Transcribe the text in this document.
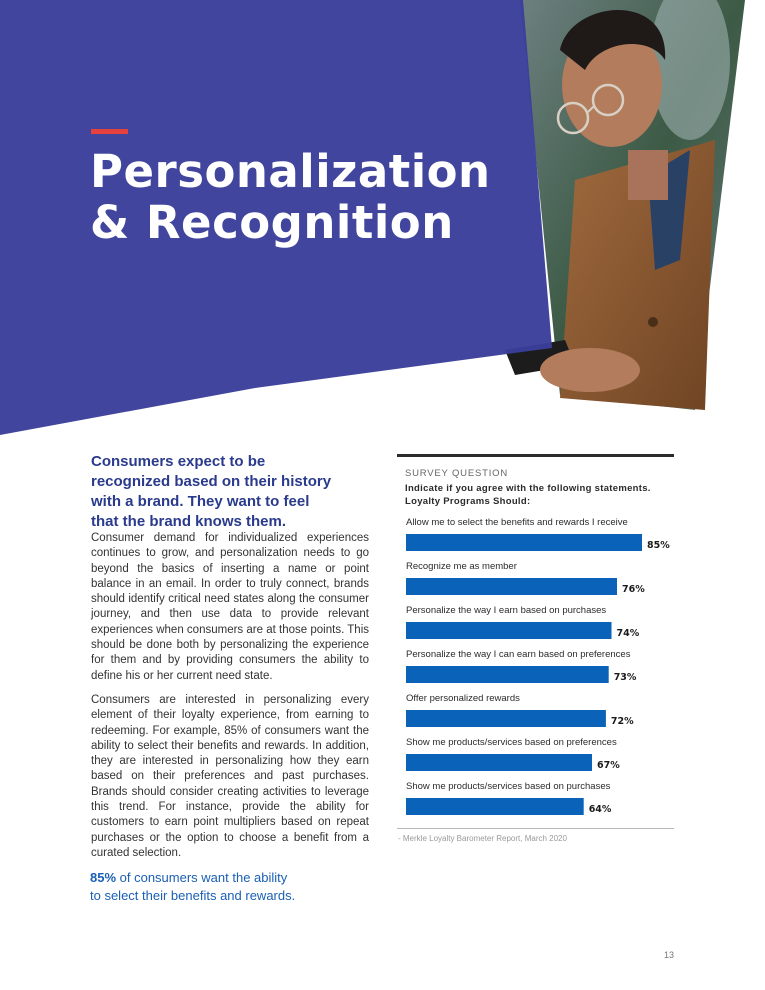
Personalization
& Recognition

Consumers expect to be
recognized based on their history
with a brand. They want to feel
that the brand knows them.

Consumer demand for individualized experiences continues to grow, and personalization needs to go beyond the basics of inserting a name or point balance in an email. In order to truly connect, brands should identify critical need states along the consumer journey, and then use data to provide relevant experiences when consumers are at those points. This should be done both by personalizing the experience for them and by providing consumers the ability to define his or her current need state.

Consumers are interested in personalizing every element of their loyalty experience, from earning to redeeming. For example, 85% of consumers want the ability to select their benefits and rewards. In addition, they are interested in personalizing how they earn based on their preferences and past purchases. Brands should consider creating activities to leverage this trend. For instance, provide the ability for customers to earn point multipliers based on repeat purchases or the option to choose a benefit from a curated selection.

85% of consumers want the ability
to select their benefits and rewards.

SURVEY QUESTION
Indicate if you agree with the following statements.
Loyalty Programs Should:
Allow me to select the benefits and rewards I receive
85%
Recognize me as member
76%
Personalize the way I earn based on purchases
74%
Personalize the way I can earn based on preferences
73%
Offer personalized rewards
72%
Show me products/services based on preferences
67%
Show me products/services based on purchases
64%
- Merkle Loyalty Barometer Report, March 2020
13
